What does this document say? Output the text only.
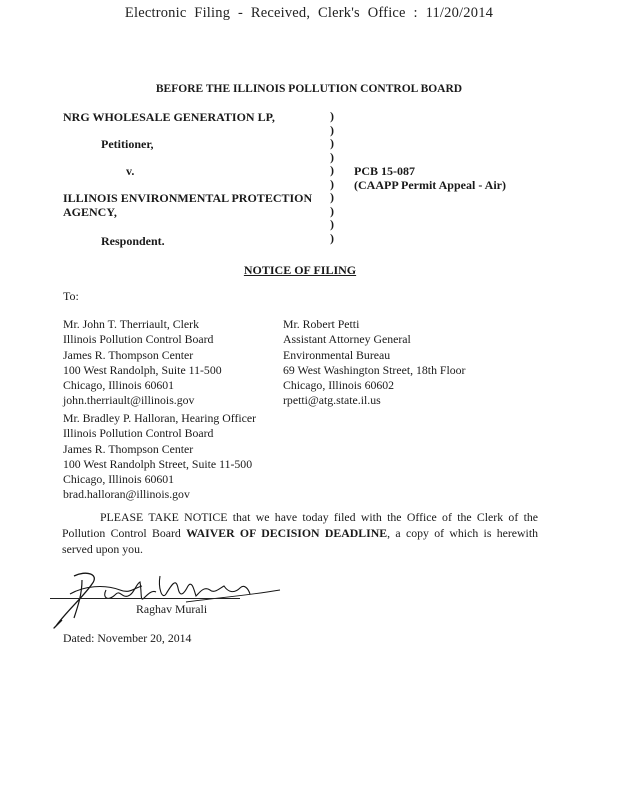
Electronic Filing - Received, Clerk's Office : 11/20/2014
BEFORE THE ILLINOIS POLLUTION CONTROL BOARD
NRG WHOLESALE GENERATION LP,
Petitioner,
v.
ILLINOIS ENVIRONMENTAL PROTECTION
AGENCY,
Respondent.
)
)
)
)
)
)
)
)
)
)
PCB 15-087
(CAAPP Permit Appeal - Air)
NOTICE OF FILING
To:
Mr. John T. Therriault, Clerk
Illinois Pollution Control Board
James R. Thompson Center
100 West Randolph, Suite 11-500
Chicago, Illinois 60601
john.therriault@illinois.gov
Mr. Robert Petti
Assistant Attorney General
Environmental Bureau
69 West Washington Street, 18th Floor
Chicago, Illinois 60602
rpetti@atg.state.il.us
Mr. Bradley P. Halloran, Hearing Officer
Illinois Pollution Control Board
James R. Thompson Center
100 West Randolph Street, Suite 11-500
Chicago, Illinois 60601
brad.halloran@illinois.gov
PLEASE TAKE NOTICE that we have today filed with the Office of the Clerk of the Pollution Control Board WAIVER OF DECISION DEADLINE, a copy of which is herewith served upon you.
Raghav Murali
Dated: November 20, 2014
